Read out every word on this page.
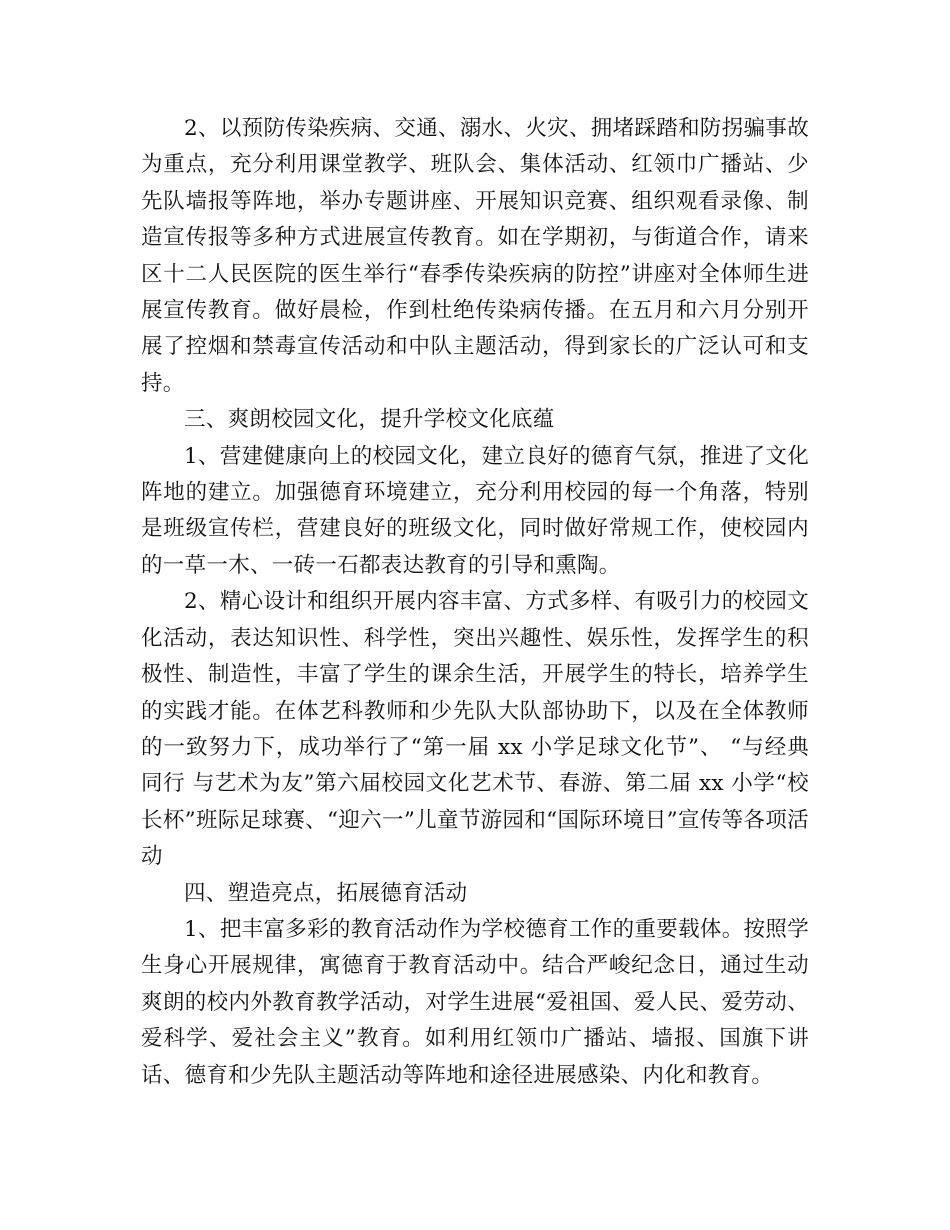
2、以预防传染疾病、交通、溺水、火灾、拥堵踩踏和防拐骗事故为重点，充分利用课堂教学、班队会、集体活动、红领巾广播站、少先队墙报等阵地，举办专题讲座、开展知识竞赛、组织观看录像、制造宣传报等多种方式进展宣传教育。如在学期初，与街道合作，请来区十二人民医院的医生举行“春季传染疾病的防控”讲座对全体师生进展宣传教育。做好晨检，作到杜绝传染病传播。在五月和六月分别开展了控烟和禁毒宣传活动和中队主题活动，得到家长的广泛认可和支持。

三、爽朗校园文化，提升学校文化底蕴

1、营建健康向上的校园文化，建立良好的德育气氛，推进了文化阵地的建立。加强德育环境建立，充分利用校园的每一个角落，特别是班级宣传栏，营建良好的班级文化，同时做好常规工作，使校园内的一草一木、一砖一石都表达教育的引导和熏陶。

2、精心设计和组织开展内容丰富、方式多样、有吸引力的校园文化活动，表达知识性、科学性，突出兴趣性、娱乐性，发挥学生的积极性、制造性，丰富了学生的课余生活，开展学生的特长，培养学生的实践才能。在体艺科教师和少先队大队部协助下，以及在全体教师的一致努力下，成功举行了“第一届 xx 小学足球文化节”、 “与经典同行 与艺术为友”第六届校园文化艺术节、春游、第二届 xx 小学“校长杯”班际足球赛、“迎六一”儿童节游园和“国际环境日”宣传等各项活动

四、塑造亮点，拓展德育活动

1、把丰富多彩的教育活动作为学校德育工作的重要载体。按照学生身心开展规律，寓德育于教育活动中。结合严峻纪念日，通过生动爽朗的校内外教育教学活动，对学生进展“爱祖国、爱人民、爱劳动、爱科学、爱社会主义”教育。如利用红领巾广播站、墙报、国旗下讲话、德育和少先队主题活动等阵地和途径进展感染、内化和教育。
